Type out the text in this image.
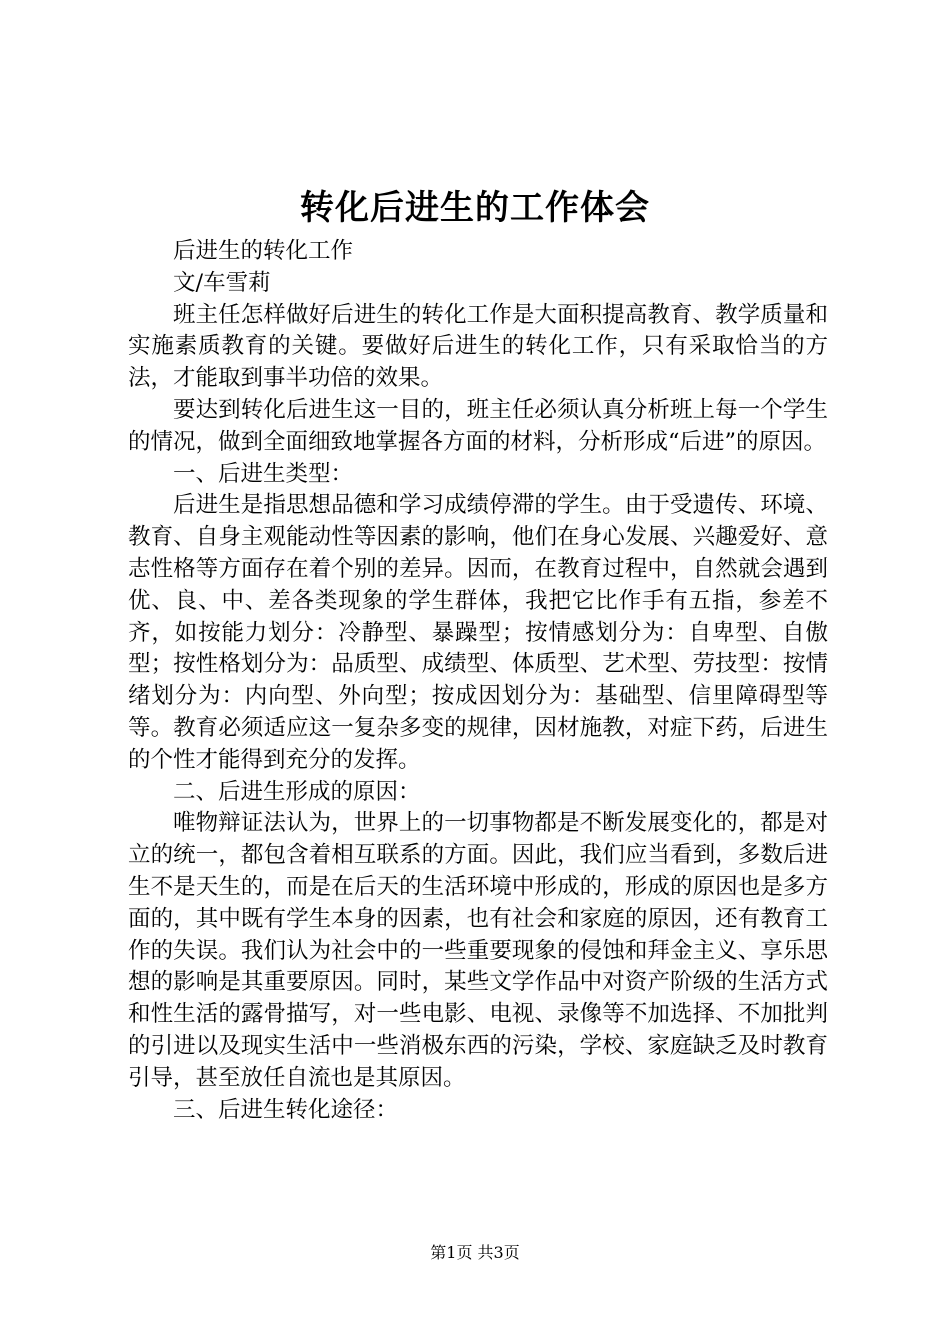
转化后进生的工作体会

后进生的转化工作

文/车雪莉

班主任怎样做好后进生的转化工作是大面积提高教育、教学质量和实施素质教育的关键。要做好后进生的转化工作，只有采取恰当的方法，才能取到事半功倍的效果。

要达到转化后进生这一目的，班主任必须认真分析班上每一个学生的情况，做到全面细致地掌握各方面的材料，分析形成“后进”的原因。

一、后进生类型：

后进生是指思想品德和学习成绩停滞的学生。由于受遗传、环境、教育、自身主观能动性等因素的影响，他们在身心发展、兴趣爱好、意志性格等方面存在着个别的差异。因而，在教育过程中，自然就会遇到优、良、中、差各类现象的学生群体，我把它比作手有五指，参差不齐，如按能力划分：冷静型、暴躁型；按情感划分为：自卑型、自傲型；按性格划分为：品质型、成绩型、体质型、艺术型、劳技型：按情绪划分为：内向型、外向型；按成因划分为：基础型、信里障碍型等等。教育必须适应这一复杂多变的规律，因材施教，对症下药，后进生的个性才能得到充分的发挥。

二、后进生形成的原因：

唯物辩证法认为，世界上的一切事物都是不断发展变化的，都是对立的统一，都包含着相互联系的方面。因此，我们应当看到，多数后进生不是天生的，而是在后天的生活环境中形成的，形成的原因也是多方面的，其中既有学生本身的因素，也有社会和家庭的原因，还有教育工作的失误。我们认为社会中的一些重要现象的侵蚀和拜金主义、享乐思想的影响是其重要原因。同时，某些文学作品中对资产阶级的生活方式和性生活的露骨描写，对一些电影、电视、录像等不加选择、不加批判的引进以及现实生活中一些消极东西的污染，学校、家庭缺乏及时教育引导，甚至放任自流也是其原因。

三、后进生转化途径：

第1页 共3页
